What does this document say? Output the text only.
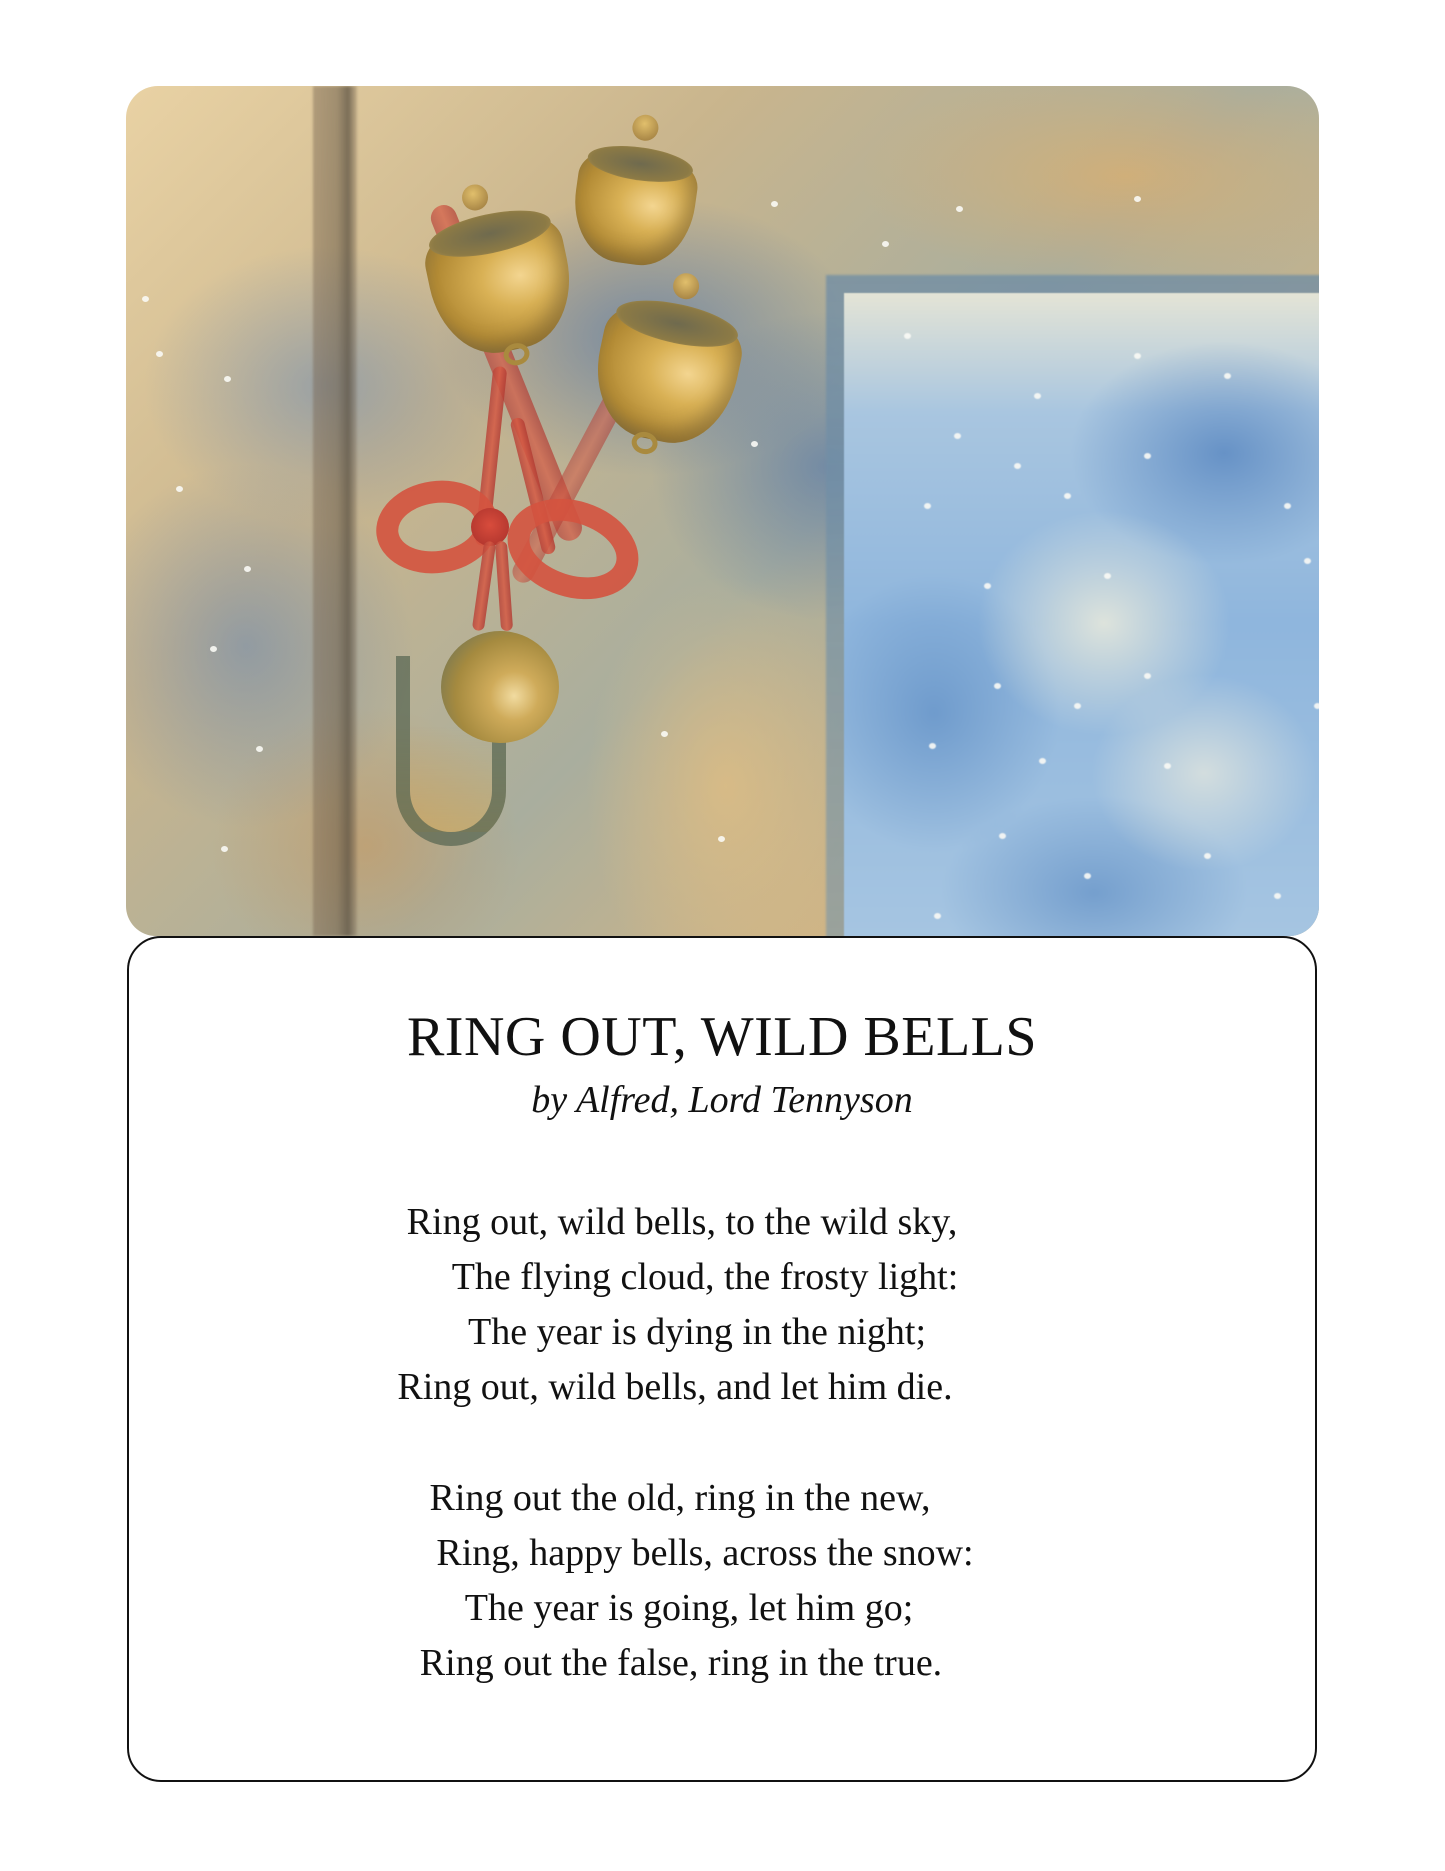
RING OUT, WILD BELLS

by Alfred, Lord Tennyson

Ring out, wild bells, to the wild sky,
The flying cloud, the frosty light:
The year is dying in the night;
Ring out, wild bells, and let him die.

Ring out the old, ring in the new,
Ring, happy bells, across the snow:
The year is going, let him go;
Ring out the false, ring in the true.
